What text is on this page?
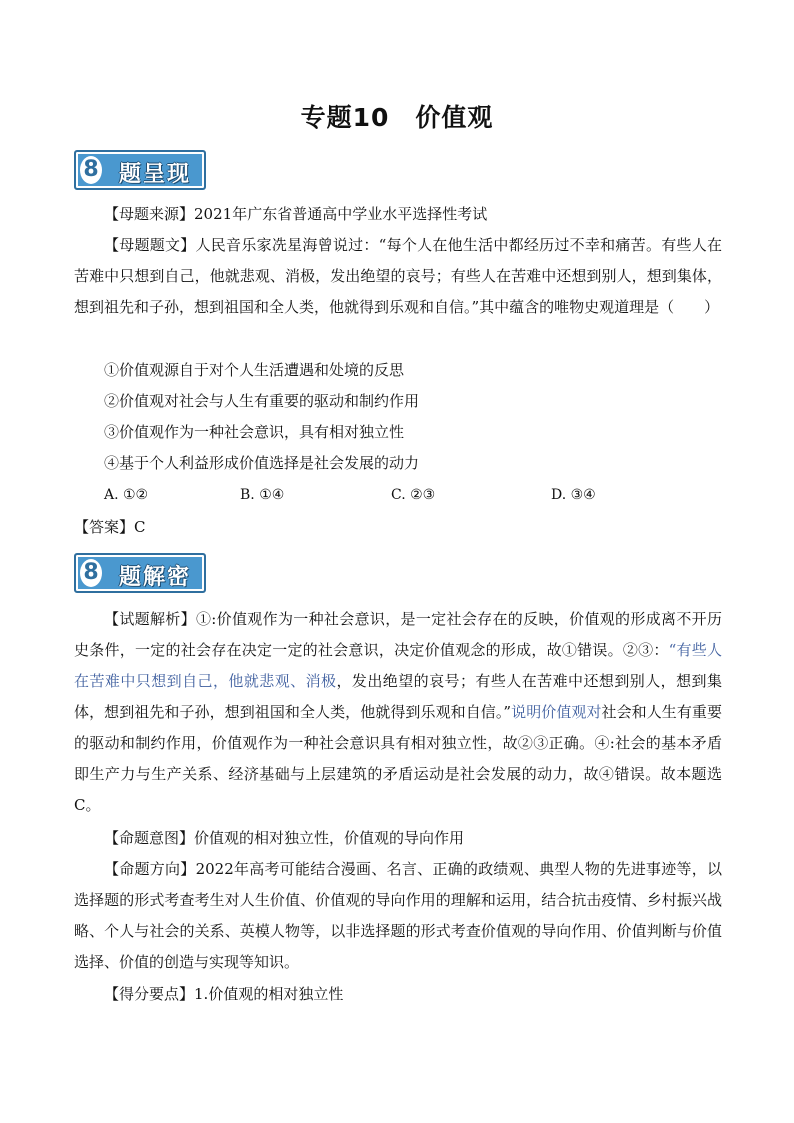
专题10　价值观
8 题呈现
【母题来源】2021年广东省普通高中学业水平选择性考试
【母题题文】人民音乐家冼星海曾说过：“每个人在他生活中都经历过不幸和痛苦。有些人在苦难中只想到自己，他就悲观、消极，发出绝望的哀号；有些人在苦难中还想到别人，想到集体，想到祖先和子孙，想到祖国和全人类，他就得到乐观和自信。”其中蕴含的唯物史观道理是（　　）
①价值观源自于对个人生活遭遇和处境的反思
②价值观对社会与人生有重要的驱动和制约作用
③价值观作为一种社会意识，具有相对独立性
④基于个人利益形成价值选择是社会发展的动力
A. ①②	B. ①④	C. ②③	D. ③④
【答案】C
8 题解密
【试题解析】①:价值观作为一种社会意识，是一定社会存在的反映，价值观的形成离不开历史条件，一定的社会存在决定一定的社会意识，决定价值观念的形成，故①错误。②③：“有些人在苦难中只想到自己，他就悲观、消极，发出绝望的哀号；有些人在苦难中还想到别人，想到集体，想到祖先和子孙，想到祖国和全人类，他就得到乐观和自信。”说明价值观对社会和人生有重要的驱动和制约作用，价值观作为一种社会意识具有相对独立性，故②③正确。④:社会的基本矛盾即生产力与生产关系、经济基础与上层建筑的矛盾运动是社会发展的动力，故④错误。故本题选C。
【命题意图】价值观的相对独立性，价值观的导向作用
【命题方向】2022年高考可能结合漫画、名言、正确的政绩观、典型人物的先进事迹等，以选择题的形式考查考生对人生价值、价值观的导向作用的理解和运用，结合抗击疫情、乡村振兴战略、个人与社会的关系、英模人物等，以非选择题的形式考查价值观的导向作用、价值判断与价值选择、价值的创造与实现等知识。
【得分要点】1.价值观的相对独立性
